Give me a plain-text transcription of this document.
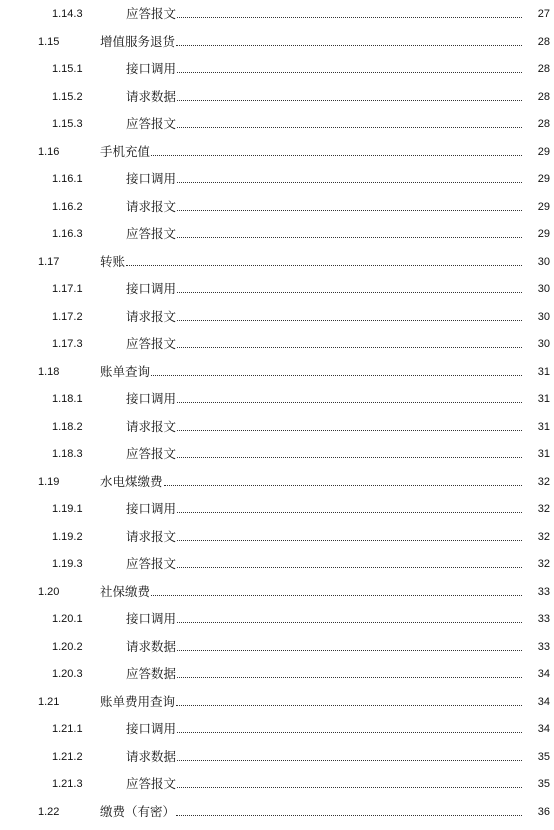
1.14.3	应答报文	27
1.15	增值服务退货	28
1.15.1	接口调用	28
1.15.2	请求数据	28
1.15.3	应答报文	28
1.16	手机充值	29
1.16.1	接口调用	29
1.16.2	请求报文	29
1.16.3	应答报文	29
1.17	转账	30
1.17.1	接口调用	30
1.17.2	请求报文	30
1.17.3	应答报文	30
1.18	账单查询	31
1.18.1	接口调用	31
1.18.2	请求报文	31
1.18.3	应答报文	31
1.19	水电煤缴费	32
1.19.1	接口调用	32
1.19.2	请求报文	32
1.19.3	应答报文	32
1.20	社保缴费	33
1.20.1	接口调用	33
1.20.2	请求数据	33
1.20.3	应答数据	34
1.21	账单费用查询	34
1.21.1	接口调用	34
1.21.2	请求数据	35
1.21.3	应答报文	35
1.22	缴费（有密）	36
